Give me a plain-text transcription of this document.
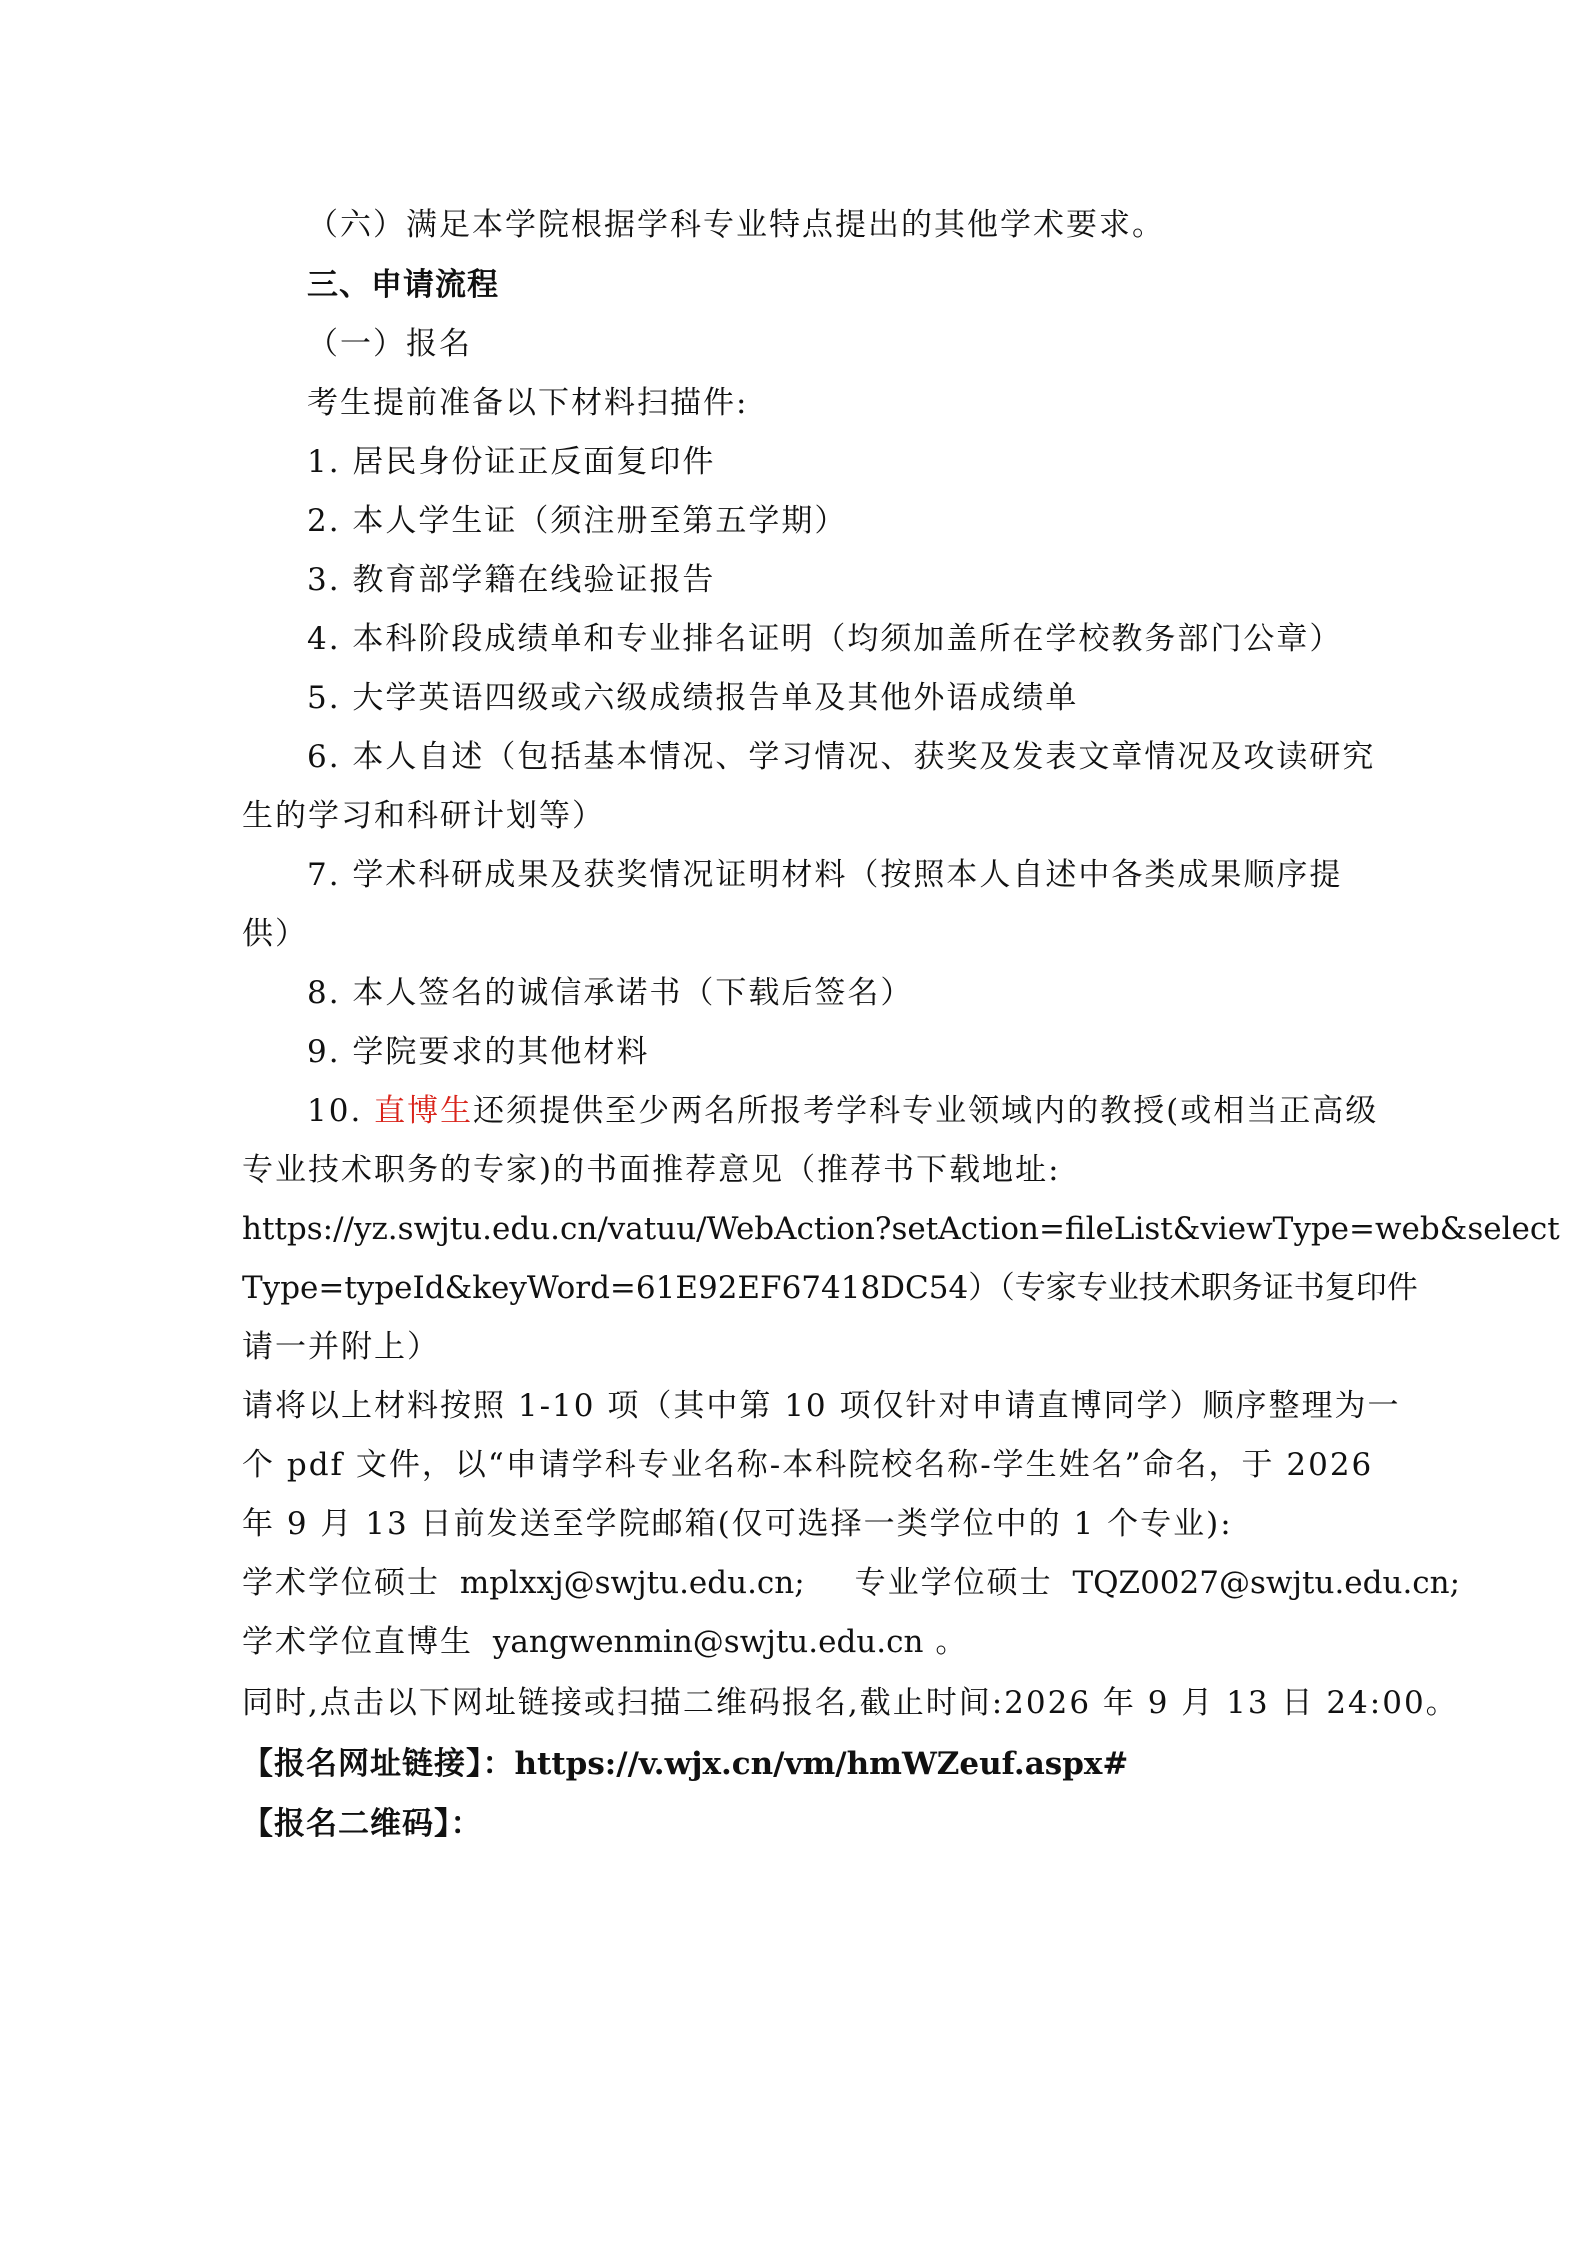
（六）满足本学院根据学科专业特点提出的其他学术要求。
三、申请流程
（一）报名
考生提前准备以下材料扫描件:
1. 居民身份证正反面复印件
2. 本人学生证（须注册至第五学期）
3. 教育部学籍在线验证报告
4. 本科阶段成绩单和专业排名证明（均须加盖所在学校教务部门公章）
5. 大学英语四级或六级成绩报告单及其他外语成绩单
6. 本人自述（包括基本情况、学习情况、获奖及发表文章情况及攻读研究
生的学习和科研计划等）
7. 学术科研成果及获奖情况证明材料（按照本人自述中各类成果顺序提
供）
8. 本人签名的诚信承诺书（下载后签名）
9. 学院要求的其他材料
10. 直博生还须提供至少两名所报考学科专业领域内的教授(或相当正高级
专业技术职务的专家)的书面推荐意见（推荐书下载地址:
https://yz.swjtu.edu.cn/vatuu/WebAction?setAction=fileList&viewType=web&select
Type=typeId&keyWord=61E92EF67418DC54）（专家专业技术职务证书复印件
请一并附上）
请将以上材料按照 1-10 项（其中第 10 项仅针对申请直博同学）顺序整理为一
个 pdf 文件，以“申请学科专业名称-本科院校名称-学生姓名”命名，于 2026
年 9 月 13 日前发送至学院邮箱(仅可选择一类学位中的 1 个专业):
学术学位硕士 mplxxj@swjtu.edu.cn; 专业学位硕士 TQZ0027@swjtu.edu.cn;
学术学位直博生 yangwenmin@swjtu.edu.cn 。
同时,点击以下网址链接或扫描二维码报名,截止时间:2026 年 9 月 13 日 24:00。
【报名网址链接】：https://v.wjx.cn/vm/hmWZeuf.aspx#
【报名二维码】：
